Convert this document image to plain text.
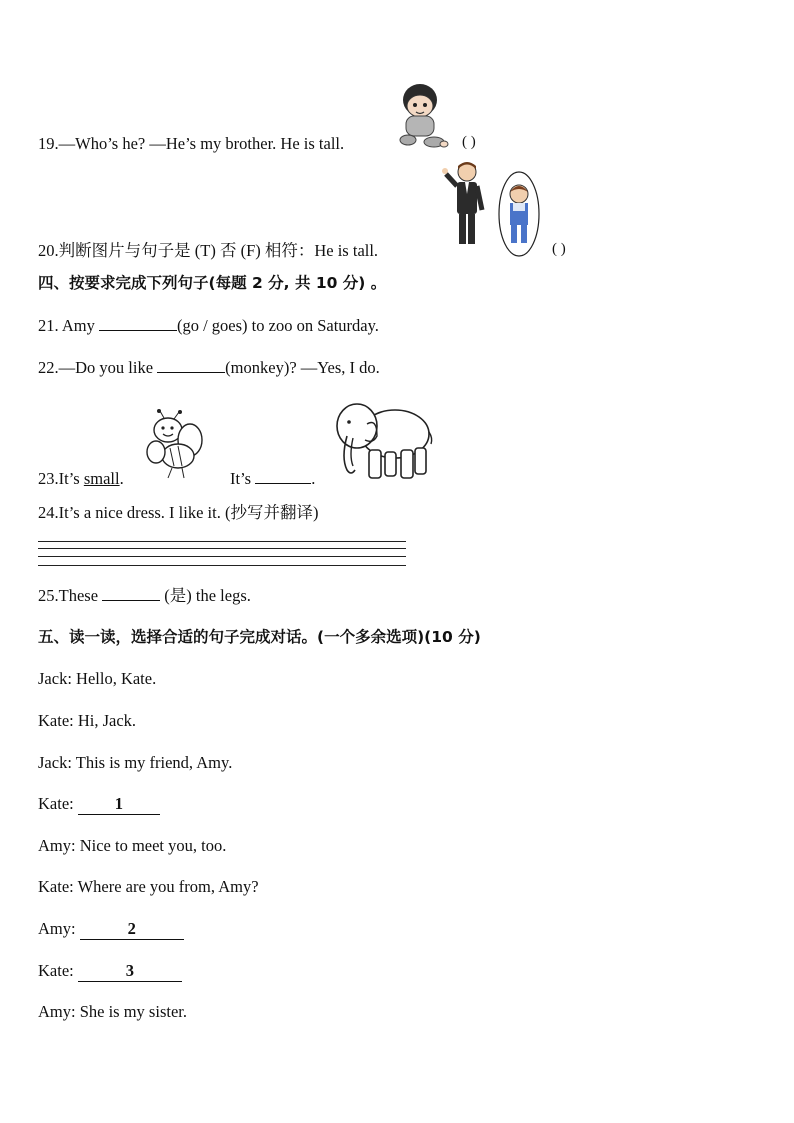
19.—Who’s he? —He’s my brother. He is tall.	( )
20.判断图片与句子是 (T) 否 (F) 相符：He is tall.	( )
四、按要求完成下列句子(每题 2 分, 共 10 分) 。
21. Amy	(go / goes) to zoo on Saturday.
22.—Do you like	(monkey)? —Yes, I do.
23.It’s small.	It’s	.
24.It’s a nice dress. I like it. (抄写并翻译)
25.These	(是) the legs.
五、读一读，选择合适的句子完成对话。(一个多余选项)(10 分)
Jack: Hello, Kate.
Kate: Hi, Jack.
Jack: This is my friend, Amy.
Kate: 1
Amy: Nice to meet you, too.
Kate: Where are you from, Amy?
Amy:	2
Kate:	3
Amy: She is my sister.
